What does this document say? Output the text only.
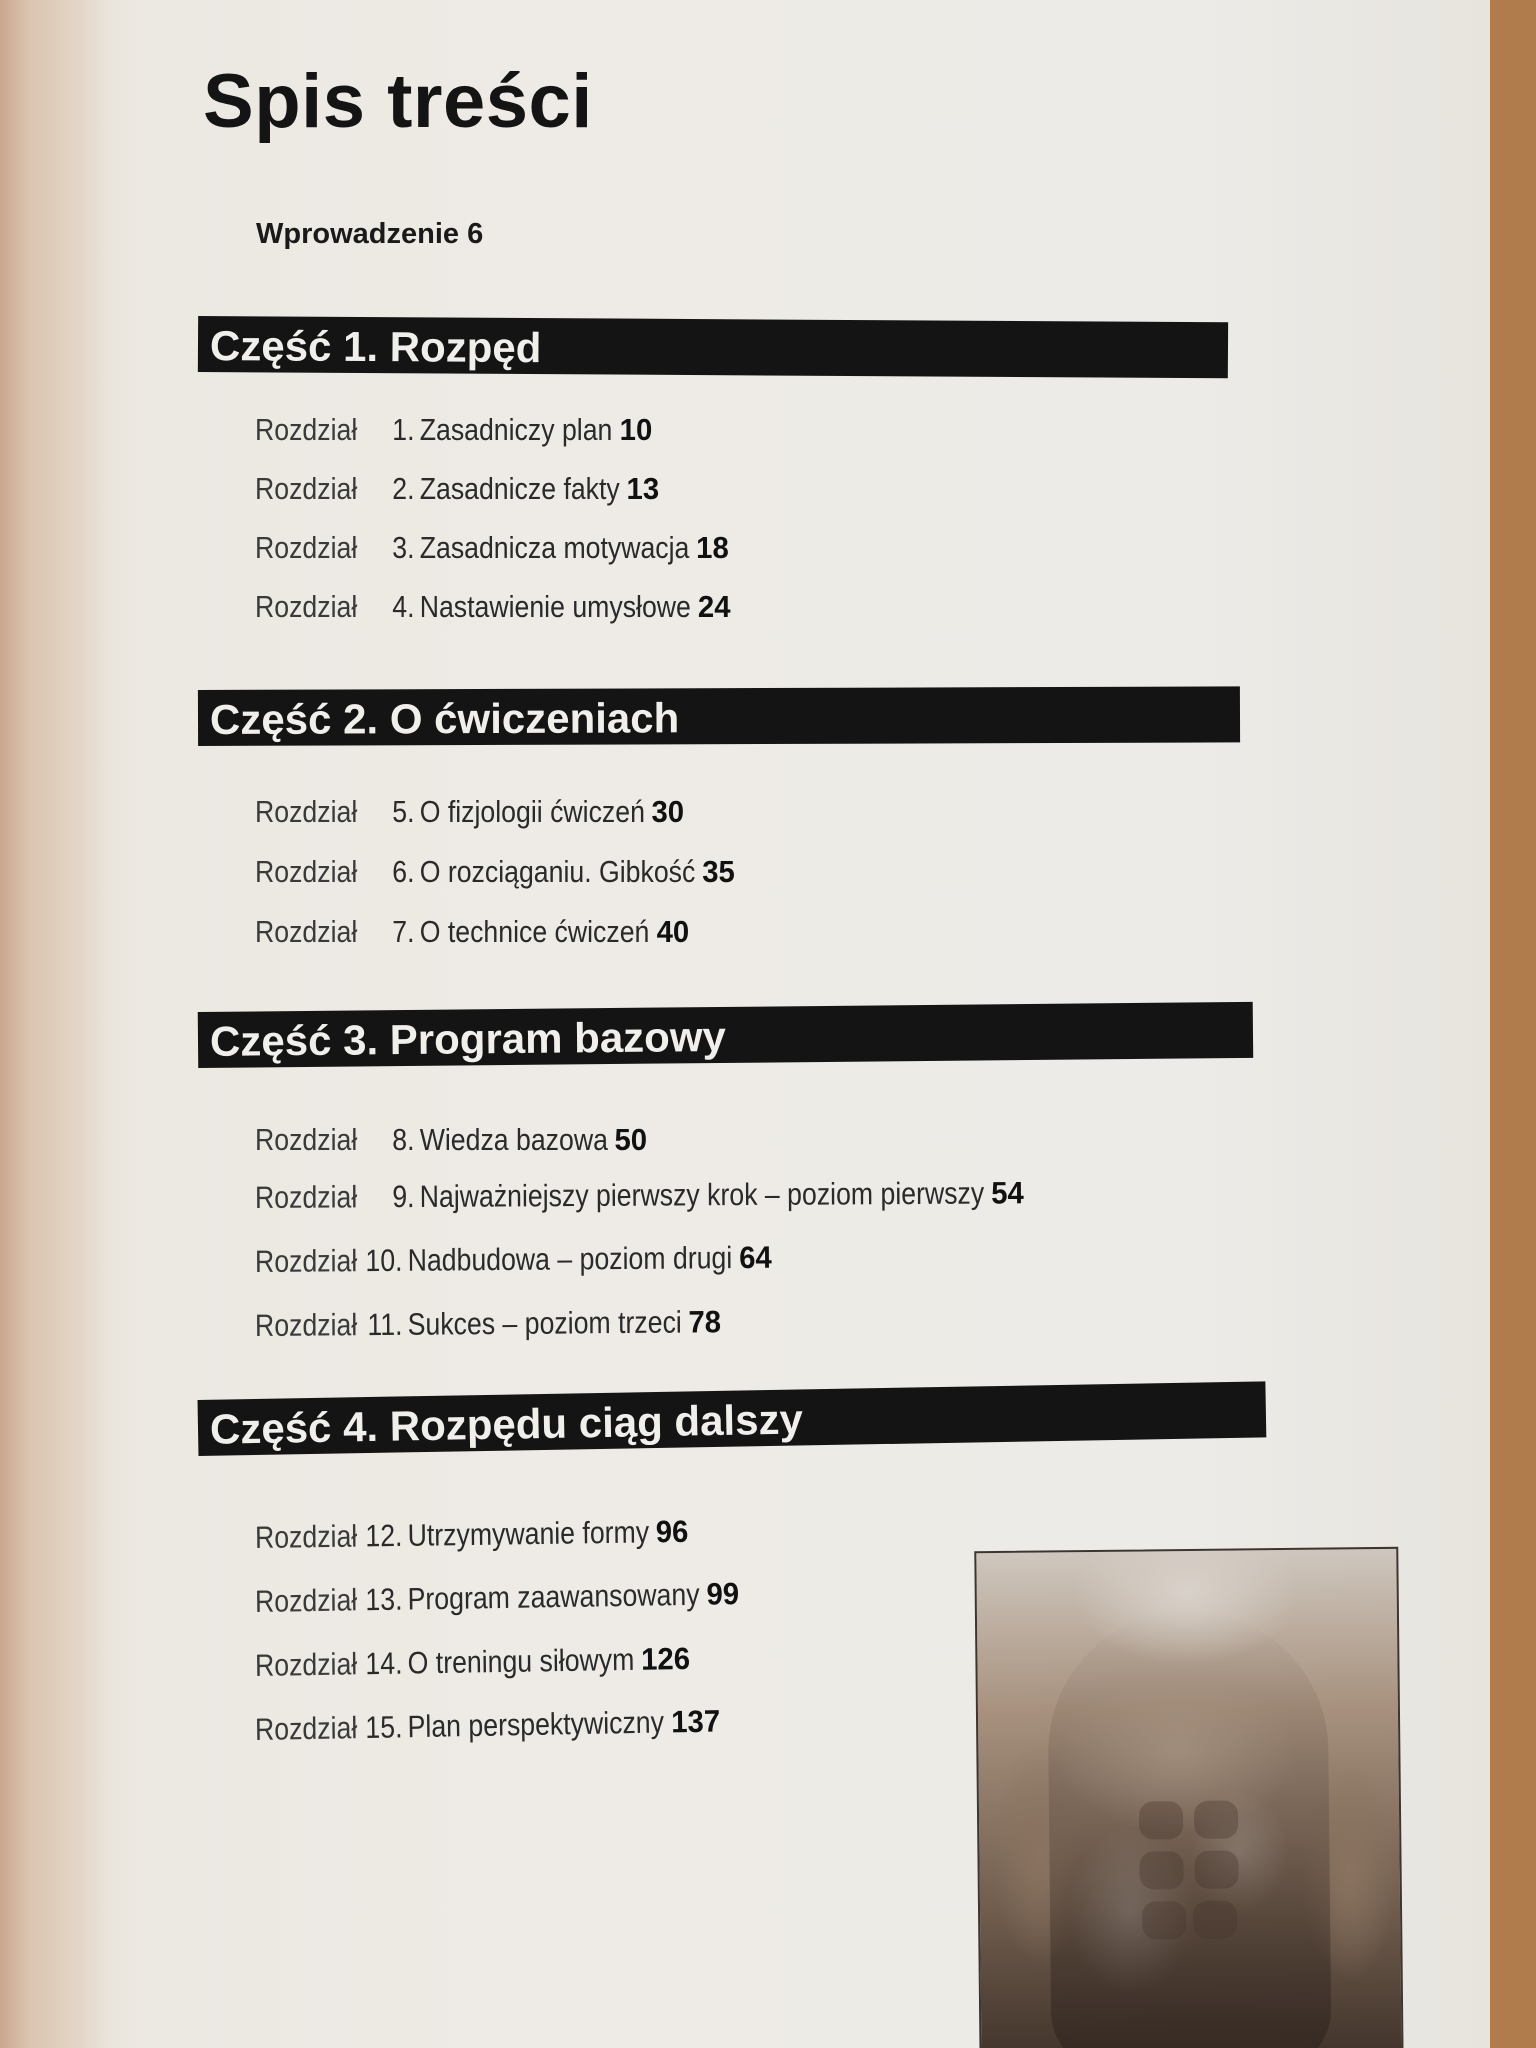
Spis treści
Wprowadzenie 6
Część 1. Rozpęd
Rozdział 1. Zasadniczy plan 10
Rozdział 2. Zasadnicze fakty 13
Rozdział 3. Zasadnicza motywacja 18
Rozdział 4. Nastawienie umysłowe 24
Część 2. O ćwiczeniach
Rozdział 5. O fizjologii ćwiczeń 30
Rozdział 6. O rozciąganiu. Gibkość 35
Rozdział 7. O technice ćwiczeń 40
Część 3. Program bazowy
Rozdział 8. Wiedza bazowa 50
Rozdział 9. Najważniejszy pierwszy krok – poziom pierwszy 54
Rozdział 10. Nadbudowa – poziom drugi 64
Rozdział 11. Sukces – poziom trzeci 78
Część 4. Rozpędu ciąg dalszy
Rozdział 12. Utrzymywanie formy 96
Rozdział 13. Program zaawansowany 99
Rozdział 14. O treningu siłowym 126
Rozdział 15. Plan perspektywiczny 137
